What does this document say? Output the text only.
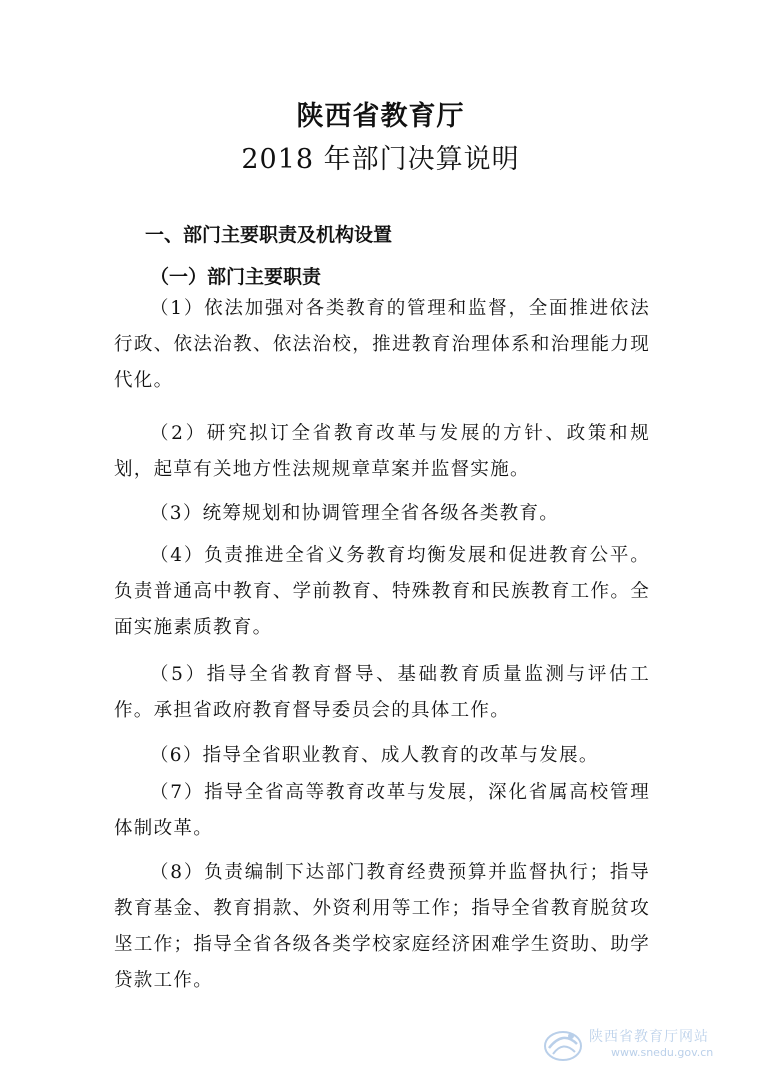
陕西省教育厅
2018 年部门决算说明
一、部门主要职责及机构设置
（一）部门主要职责

（1）依法加强对各类教育的管理和监督，全面推进依法行政、依法治教、依法治校，推进教育治理体系和治理能力现代化。

（2）研究拟订全省教育改革与发展的方针、政策和规划，起草有关地方性法规规章草案并监督实施。

（3）统筹规划和协调管理全省各级各类教育。

（4）负责推进全省义务教育均衡发展和促进教育公平。负责普通高中教育、学前教育、特殊教育和民族教育工作。全面实施素质教育。

（5）指导全省教育督导、基础教育质量监测与评估工作。承担省政府教育督导委员会的具体工作。

（6）指导全省职业教育、成人教育的改革与发展。

（7）指导全省高等教育改革与发展，深化省属高校管理体制改革。

（8）负责编制下达部门教育经费预算并监督执行；指导教育基金、教育捐款、外资利用等工作；指导全省教育脱贫攻坚工作；指导全省各级各类学校家庭经济困难学生资助、助学贷款工作。

陕西省教育厅网站
www.snedu.gov.cn
